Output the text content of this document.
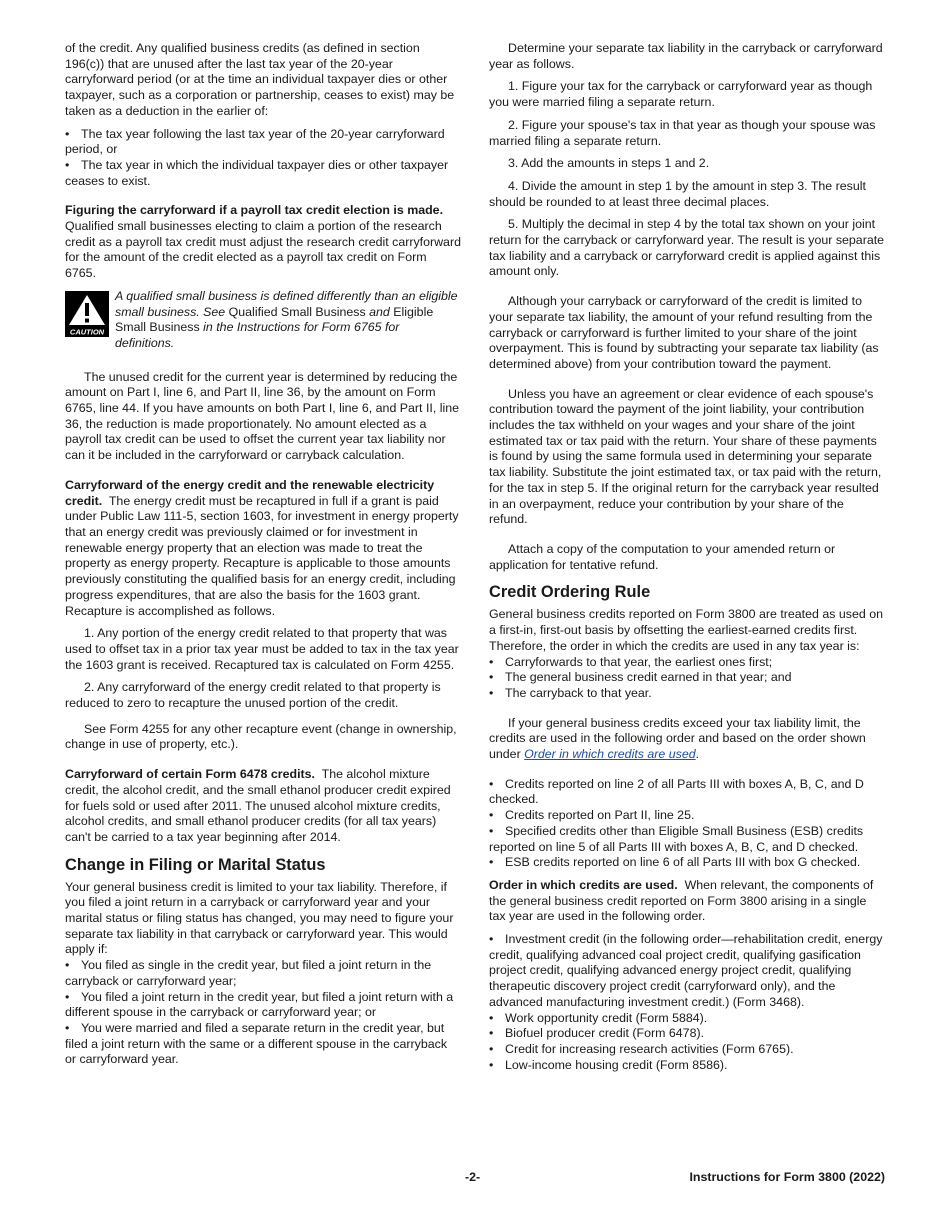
of the credit. Any qualified business credits (as defined in section 196(c)) that are unused after the last tax year of the 20-year carryforward period (or at the time an individual taxpayer dies or other taxpayer, such as a corporation or partnership, ceases to exist) may be taken as a deduction in the earlier of:

• The tax year following the last tax year of the 20-year carryforward period, or
• The tax year in which the individual taxpayer dies or other taxpayer ceases to exist.

Figuring the carryforward if a payroll tax credit election is made.  Qualified small businesses electing to claim a portion of the research credit as a payroll tax credit must adjust the research credit carryforward for the amount of the credit elected as a payroll tax credit on Form 6765.

CAUTION
A qualified small business is defined differently than an eligible small business. See Qualified Small Business and Eligible Small Business in the Instructions for Form 6765 for definitions.

The unused credit for the current year is determined by reducing the amount on Part I, line 6, and Part II, line 36, by the amount on Form 6765, line 44. If you have amounts on both Part I, line 6, and Part II, line 36, the reduction is made proportionately. No amount elected as a payroll tax credit can be used to offset the current year tax liability nor can it be included in the carryforward or carryback calculation.

Carryforward of the energy credit and the renewable electricity credit. The energy credit must be recaptured in full if a grant is paid under Public Law 111-5, section 1603, for investment in energy property that an energy credit was previously claimed or for investment in renewable energy property that an election was made to treat the property as energy property. Recapture is applicable to those amounts previously constituting the qualified basis for an energy credit, including progress expenditures, that are also the basis for the 1603 grant. Recapture is accomplished as follows.

1. Any portion of the energy credit related to that property that was used to offset tax in a prior tax year must be added to tax in the tax year the 1603 grant is received. Recaptured tax is calculated on Form 4255.

2. Any carryforward of the energy credit related to that property is reduced to zero to recapture the unused portion of the credit.

See Form 4255 for any other recapture event (change in ownership, change in use of property, etc.).

Carryforward of certain Form 6478 credits. The alcohol mixture credit, the alcohol credit, and the small ethanol producer credit expired for fuels sold or used after 2011. The unused alcohol mixture credits, alcohol credits, and small ethanol producer credits (for all tax years) can't be carried to a tax year beginning after 2014.

Change in Filing or Marital Status

Your general business credit is limited to your tax liability. Therefore, if you filed a joint return in a carryback or carryforward year and your marital status or filing status has changed, you may need to figure your separate tax liability in that carryback or carryforward year. This would apply if:

• You filed as single in the credit year, but filed a joint return in the carryback or carryforward year;
• You filed a joint return in the credit year, but filed a joint return with a different spouse in the carryback or carryforward year; or
• You were married and filed a separate return in the credit year, but filed a joint return with the same or a different spouse in the carryback or carryforward year.

Determine your separate tax liability in the carryback or carryforward year as follows.

1. Figure your tax for the carryback or carryforward year as though you were married filing a separate return.

2. Figure your spouse's tax in that year as though your spouse was married filing a separate return.

3. Add the amounts in steps 1 and 2.

4. Divide the amount in step 1 by the amount in step 3. The result should be rounded to at least three decimal places.

5. Multiply the decimal in step 4 by the total tax shown on your joint return for the carryback or carryforward year. The result is your separate tax liability and a carryback or carryforward credit is applied against this amount only.

Although your carryback or carryforward of the credit is limited to your separate tax liability, the amount of your refund resulting from the carryback or carryforward is further limited to your share of the joint overpayment. This is found by subtracting your separate tax liability (as determined above) from your contribution toward the payment.

Unless you have an agreement or clear evidence of each spouse's contribution toward the payment of the joint liability, your contribution includes the tax withheld on your wages and your share of the joint estimated tax or tax paid with the return. Your share of these payments is found by using the same formula used in determining your separate tax liability. Substitute the joint estimated tax, or tax paid with the return, for the tax in step 5. If the original return for the carryback year resulted in an overpayment, reduce your contribution by your share of the refund.

Attach a copy of the computation to your amended return or application for tentative refund.

Credit Ordering Rule

General business credits reported on Form 3800 are treated as used on a first-in, first-out basis by offsetting the earliest-earned credits first. Therefore, the order in which the credits are used in any tax year is:

• Carryforwards to that year, the earliest ones first;
• The general business credit earned in that year; and
• The carryback to that year.

If your general business credits exceed your tax liability limit, the credits are used in the following order and based on the order shown under Order in which credits are used.

• Credits reported on line 2 of all Parts III with boxes A, B, C, and D checked.
• Credits reported on Part II, line 25.
• Specified credits other than Eligible Small Business (ESB) credits reported on line 5 of all Parts III with boxes A, B, C, and D checked.
• ESB credits reported on line 6 of all Parts III with box G checked.

Order in which credits are used. When relevant, the components of the general business credit reported on Form 3800 arising in a single tax year are used in the following order.

• Investment credit (in the following order—rehabilitation credit, energy credit, qualifying advanced coal project credit, qualifying gasification project credit, qualifying advanced energy project credit, qualifying therapeutic discovery project credit (carryforward only), and the advanced manufacturing investment credit.) (Form 3468).
• Work opportunity credit (Form 5884).
• Biofuel producer credit (Form 6478).
• Credit for increasing research activities (Form 6765).
• Low-income housing credit (Form 8586).
-2-	Instructions for Form 3800 (2022)
